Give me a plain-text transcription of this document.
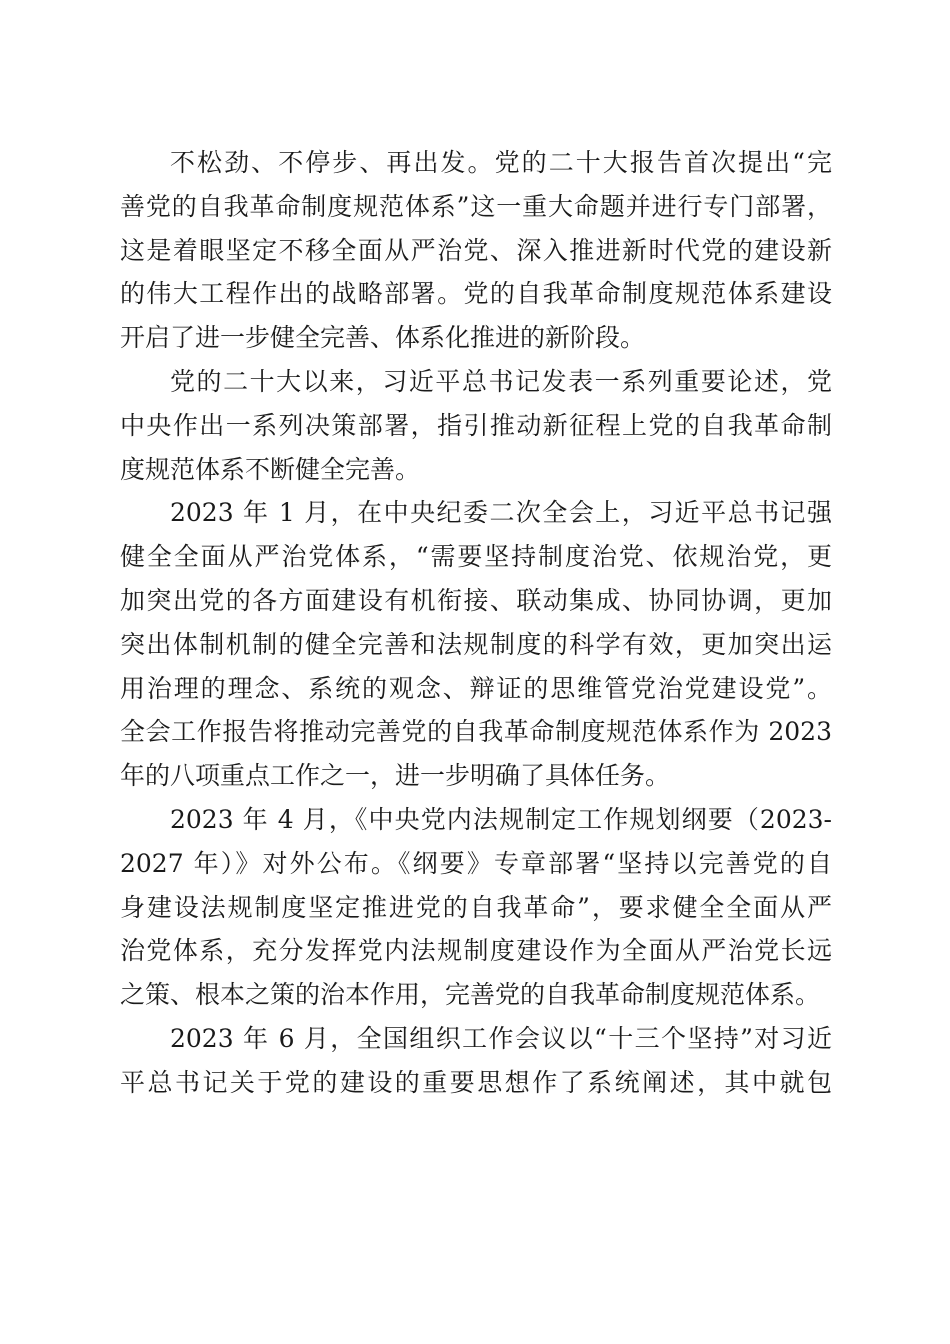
不松劲、不停步、再出发。党的二十大报告首次提出“完
善党的自我革命制度规范体系”这一重大命题并进行专门部署，
这是着眼坚定不移全面从严治党、深入推进新时代党的建设新
的伟大工程作出的战略部署。党的自我革命制度规范体系建设
开启了进一步健全完善、体系化推进的新阶段。
党的二十大以来，习近平总书记发表一系列重要论述，党
中央作出一系列决策部署，指引推动新征程上党的自我革命制
度规范体系不断健全完善。
2023 年 1 月，在中央纪委二次全会上，习近平总书记强
健全全面从严治党体系，“需要坚持制度治党、依规治党，更
加突出党的各方面建设有机衔接、联动集成、协同协调，更加
突出体制机制的健全完善和法规制度的科学有效，更加突出运
用治理的理念、系统的观念、辩证的思维管党治党建设党”。
全会工作报告将推动完善党的自我革命制度规范体系作为 2023
年的八项重点工作之一，进一步明确了具体任务。
2023 年 4 月，《中央党内法规制定工作规划纲要（2023-
2027 年）》对外公布。《纲要》专章部署“坚持以完善党的自
身建设法规制度坚定推进党的自我革命”，要求健全全面从严
治党体系，充分发挥党内法规制度建设作为全面从严治党长远
之策、根本之策的治本作用，完善党的自我革命制度规范体系。
2023 年 6 月，全国组织工作会议以“十三个坚持”对习近
平总书记关于党的建设的重要思想作了系统阐述，其中就包
